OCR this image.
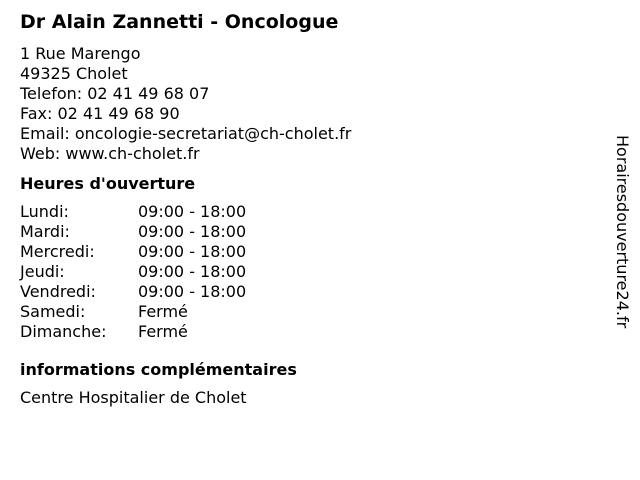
Dr Alain Zannetti - Oncologue
1 Rue Marengo
49325 Cholet
Telefon: 02 41 49 68 07
Fax: 02 41 49 68 90
Email: oncologie-secretariat@ch-cholet.fr
Web: www.ch-cholet.fr
Heures d'ouverture
Lundi:	09:00 - 18:00
Mardi:	09:00 - 18:00
Mercredi:	09:00 - 18:00
Jeudi:	09:00 - 18:00
Vendredi:	09:00 - 18:00
Samedi:	Fermé
Dimanche:	Fermé
informations complémentaires
Centre Hospitalier de Cholet
Horairesdouverture24.fr
